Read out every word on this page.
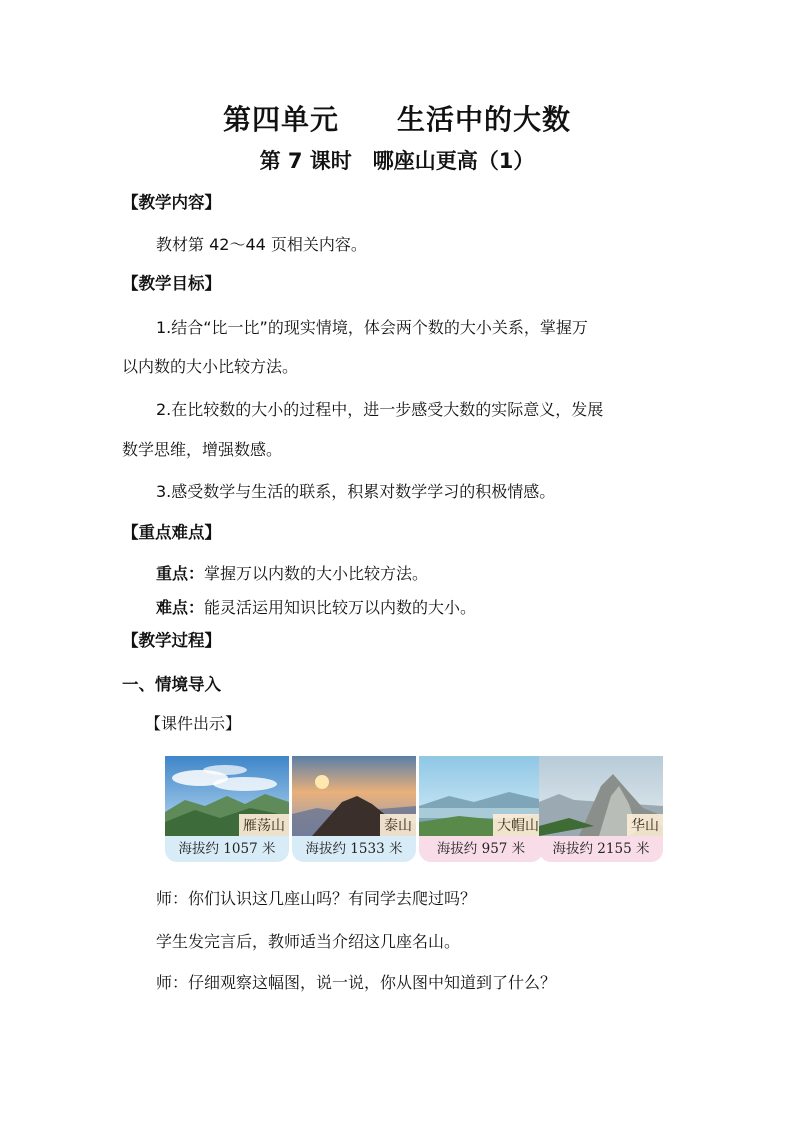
第四单元　　生活中的大数
第 7 课时　哪座山更高（1）
【教学内容】
教材第 42～44 页相关内容。
【教学目标】
1.结合“比一比”的现实情境，体会两个数的大小关系，掌握万
以内数的大小比较方法。
2.在比较数的大小的过程中，进一步感受大数的实际意义，发展
数学思维，增强数感。
3.感受数学与生活的联系，积累对数学学习的积极情感。
【重点难点】
重点：掌握万以内数的大小比较方法。
难点：能灵活运用知识比较万以内数的大小。
【教学过程】
一、情境导入
【课件出示】
雁荡山
海拔约 1057 米
泰山
海拔约 1533 米
大帽山
海拔约 957 米
华山
海拔约 2155 米
师：你们认识这几座山吗？有同学去爬过吗？
学生发完言后，教师适当介绍这几座名山。
师：仔细观察这幅图，说一说，你从图中知道到了什么？
